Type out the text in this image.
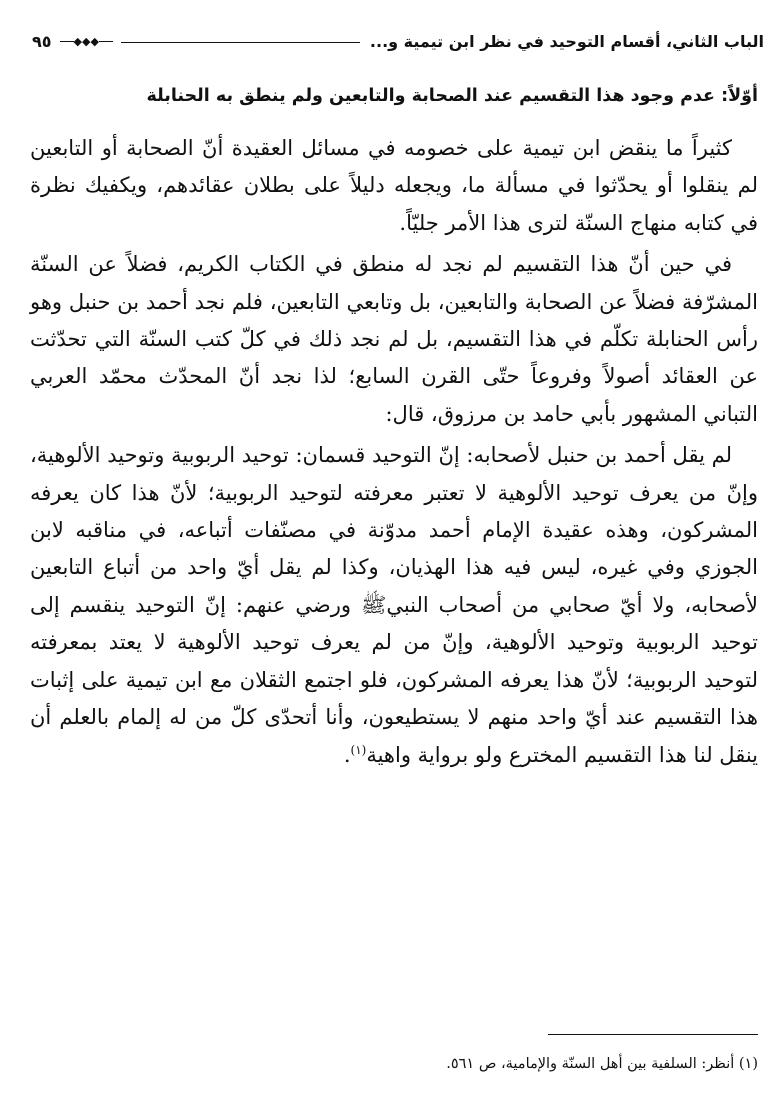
الباب الثاني، أقسام التوحيد في نظر ابن تيمية و...
◆◆◆
٩٥
أوّلاً: عدم وجود هذا التقسيم عند الصحابة والتابعين ولم ينطق به الحنابلة

كثيراً ما ينقض ابن تيمية على خصومه في مسائل العقيدة أنّ الصحابة أو التابعين لم ينقلوا أو يحدّثوا في مسألة ما، ويجعله دليلاً على بطلان عقائدهم، ويكفيك نظرة في كتابه منهاج السنّة لترى هذا الأمر جليّاً.

في حين أنّ هذا التقسيم لم نجد له منطق في الكتاب الكريم، فضلاً عن السنّة المشرّفة فضلاً عن الصحابة والتابعين، بل وتابعي التابعين، فلم نجد أحمد بن حنبل وهو رأس الحنابلة تكلّم في هذا التقسيم، بل لم نجد ذلك في كلّ كتب السنّة التي تحدّثت عن العقائد أصولاً وفروعاً حتّى القرن السابع؛ لذا نجد أنّ المحدّث محمّد العربي التباني المشهور بأبي حامد بن مرزوق، قال:

لم يقل أحمد بن حنبل لأصحابه: إنّ التوحيد قسمان: توحيد الربوبية وتوحيد الألوهية، وإنّ من يعرف توحيد الألوهية لا تعتبر معرفته لتوحيد الربوبية؛ لأنّ هذا كان يعرفه المشركون، وهذه عقيدة الإمام أحمد مدوّنة في مصنّفات أتباعه، في مناقبه لابن الجوزي وفي غيره، ليس فيه هذا الهذيان، وكذا لم يقل أيّ واحد من أتباع التابعين لأصحابه، ولا أيّ صحابي من أصحاب النبيﷺ ورضي عنهم: إنّ التوحيد ينقسم إلى توحيد الربوبية وتوحيد الألوهية، وإنّ من لم يعرف توحيد الألوهية لا يعتد بمعرفته لتوحيد الربوبية؛ لأنّ هذا يعرفه المشركون، فلو اجتمع الثقلان مع ابن تيمية على إثبات هذا التقسيم عند أيّ واحد منهم لا يستطيعون، وأنا أتحدّى كلّ من له إلمام بالعلم أن ينقل لنا هذا التقسيم المخترع ولو برواية واهية$^{(١)}$.

(١) أنظر: السلفية بين أهل السنّة والإمامية، ص ٥٦١.
